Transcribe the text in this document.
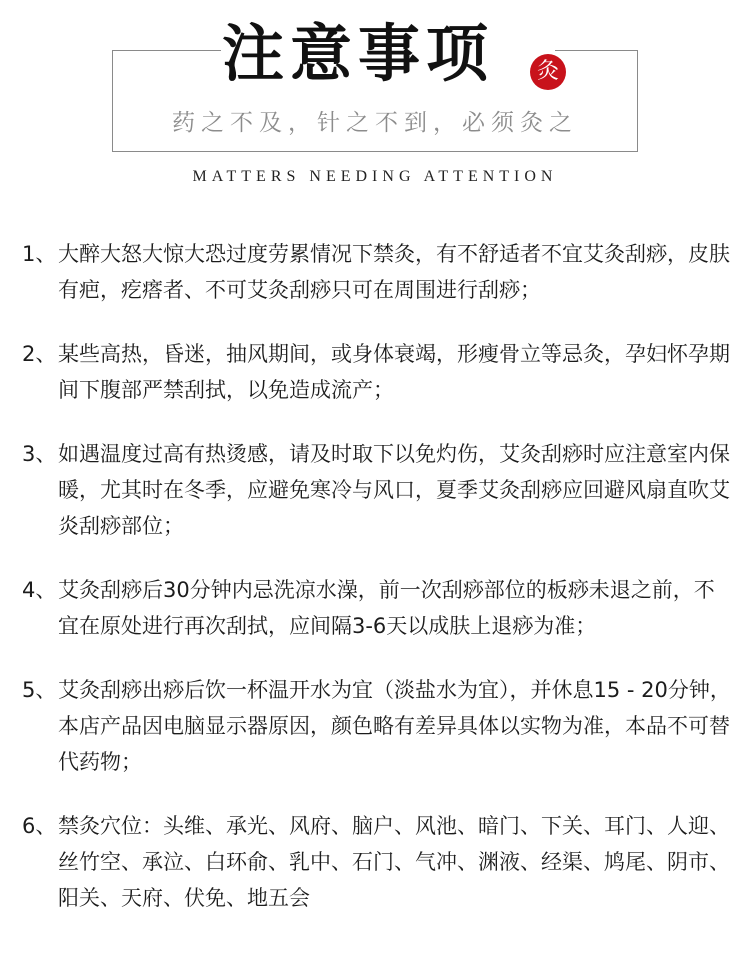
注意事项	灸
药之不及，针之不到，必须灸之
MATTERS NEEDING ATTENTION
1、 大醉大怒大惊大恐过度劳累情况下禁灸，有不舒适者不宜艾灸刮痧，皮肤有疤，疙瘩者、不可艾灸刮痧只可在周围进行刮痧；
2、 某些高热，昏迷，抽风期间，或身体衰竭，形瘦骨立等忌灸，孕妇怀孕期间下腹部严禁刮拭，以免造成流产；
3、 如遇温度过高有热烫感，请及时取下以免灼伤，艾灸刮痧时应注意室内保暖，尤其时在冬季，应避免寒冷与风口，夏季艾灸刮痧应回避风扇直吹艾炎刮痧部位；
4、 艾灸刮痧后30分钟内忌洗凉水澡，前一次刮痧部位的板痧未退之前，不宜在原处进行再次刮拭，应间隔3-6天以成肤上退痧为准；
5、 艾灸刮痧出痧后饮一杯温开水为宜（淡盐水为宜），并休息15 - 20分钟，本店产品因电脑显示器原因，颜色略有差异具体以实物为准，本品不可替代药物；
6、 禁灸穴位：头维、承光、风府、脑户、风池、暗门、下关、耳门、人迎、丝竹空、承泣、白环俞、乳中、石门、气冲、渊液、经渠、鸠尾、阴市、阳关、天府、伏免、地五会
